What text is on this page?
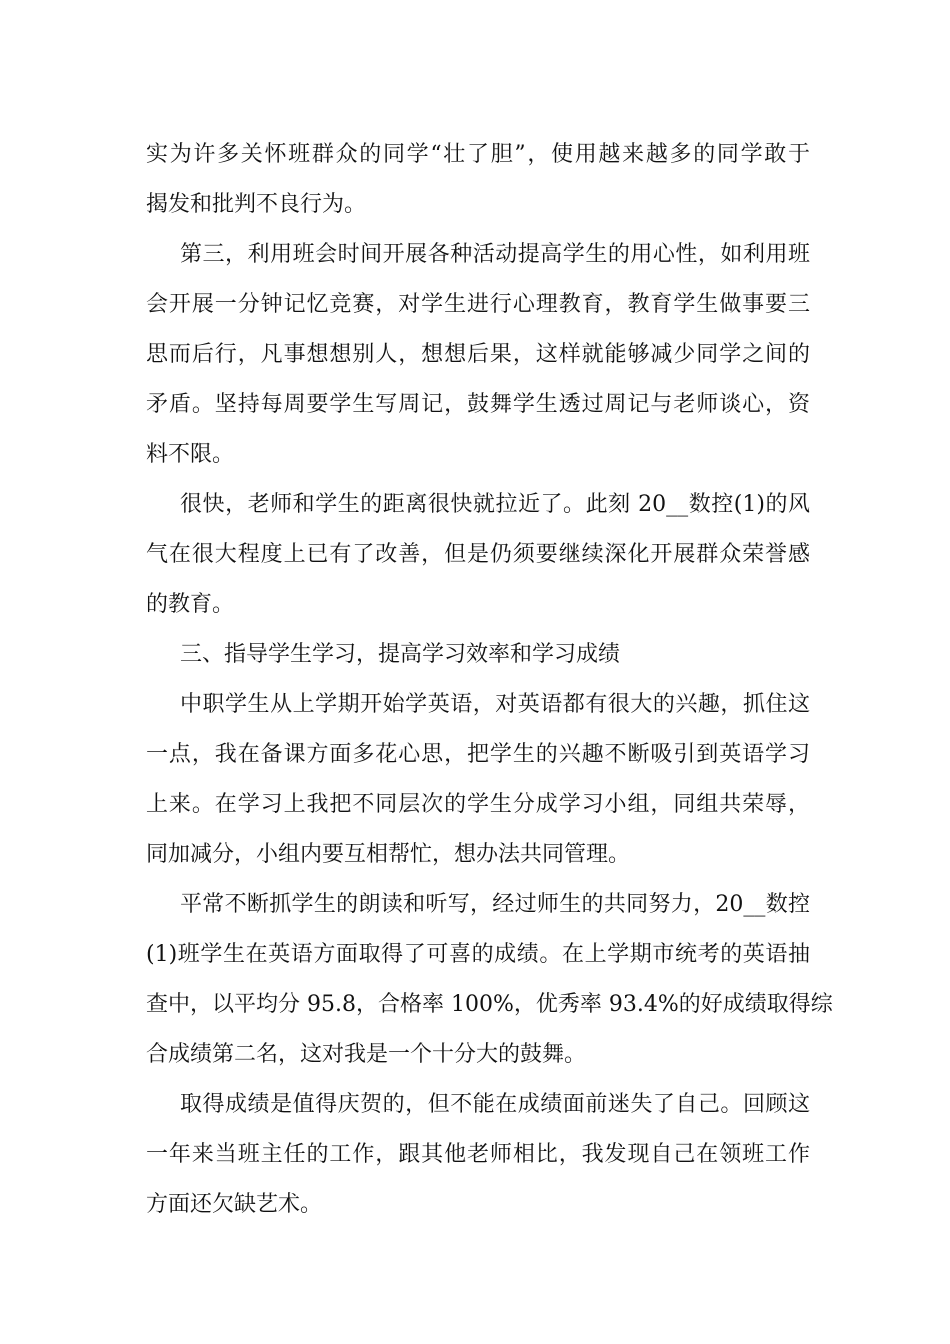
实为许多关怀班群众的同学“壮了胆”，使用越来越多的同学敢于
揭发和批判不良行为。
第三，利用班会时间开展各种活动提高学生的用心性，如利用班
会开展一分钟记忆竞赛，对学生进行心理教育，教育学生做事要三
思而后行，凡事想想别人，想想后果，这样就能够减少同学之间的
矛盾。坚持每周要学生写周记，鼓舞学生透过周记与老师谈心，资
料不限。
很快，老师和学生的距离很快就拉近了。此刻 20__数控(1)的风
气在很大程度上已有了改善，但是仍须要继续深化开展群众荣誉感
的教育。
三、指导学生学习，提高学习效率和学习成绩
中职学生从上学期开始学英语，对英语都有很大的兴趣，抓住这
一点，我在备课方面多花心思，把学生的兴趣不断吸引到英语学习
上来。在学习上我把不同层次的学生分成学习小组，同组共荣辱，
同加减分，小组内要互相帮忙，想办法共同管理。
平常不断抓学生的朗读和听写，经过师生的共同努力，20__数控
(1)班学生在英语方面取得了可喜的成绩。在上学期市统考的英语抽
查中，以平均分 95.8，合格率 100%，优秀率 93.4%的好成绩取得综
合成绩第二名，这对我是一个十分大的鼓舞。
取得成绩是值得庆贺的，但不能在成绩面前迷失了自己。回顾这
一年来当班主任的工作，跟其他老师相比，我发现自己在领班工作
方面还欠缺艺术。
